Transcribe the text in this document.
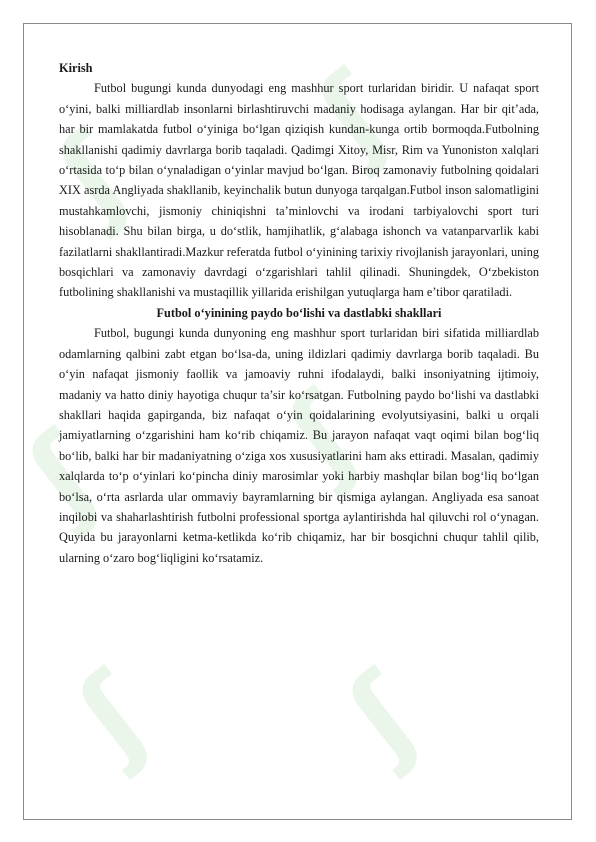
ʃ ʃ
ʃ ʃ
ʃ ʃ

Kirish

Futbol bugungi kunda dunyodagi eng mashhur sport turlaridan biridir. U nafaqat sport o‘yini, balki milliardlab insonlarni birlashtiruvchi madaniy hodisaga aylangan. Har bir qit’ada, har bir mamlakatda futbol o‘yiniga bo‘lgan qiziqish kundan-kunga ortib bormoqda.Futbolning shakllanishi qadimiy davrlarga borib taqaladi. Qadimgi Xitoy, Misr, Rim va Yunoniston xalqlari o‘rtasida to‘p bilan o‘ynaladigan o‘yinlar mavjud bo‘lgan. Biroq zamonaviy futbolning qoidalari XIX asrda Angliyada shakllanib, keyinchalik butun dunyoga tarqalgan.Futbol inson salomatligini mustahkamlovchi, jismoniy chiniqishni ta’minlovchi va irodani tarbiyalovchi sport turi hisoblanadi. Shu bilan birga, u do‘stlik, hamjihatlik, g‘alabaga ishonch va vatanparvarlik kabi fazilatlarni shakllantiradi.Mazkur referatda futbol o‘yinining tarixiy rivojlanish jarayonlari, uning bosqichlari va zamonaviy davrdagi o‘zgarishlari tahlil qilinadi. Shuningdek, O‘zbekiston futbolining shakllanishi va mustaqillik yillarida erishilgan yutuqlarga ham e’tibor qaratiladi.

Futbol o‘yinining paydo bo‘lishi va dastlabki shakllari

Futbol, bugungi kunda dunyoning eng mashhur sport turlaridan biri sifatida milliardlab odamlarning qalbini zabt etgan bo‘lsa-da, uning ildizlari qadimiy davrlarga borib taqaladi. Bu o‘yin nafaqat jismoniy faollik va jamoaviy ruhni ifodalaydi, balki insoniyatning ijtimoiy, madaniy va hatto diniy hayotiga chuqur ta’sir ko‘rsatgan. Futbolning paydo bo‘lishi va dastlabki shakllari haqida gapirganda, biz nafaqat o‘yin qoidalarining evolyutsiyasini, balki u orqali jamiyatlarning o‘zgarishini ham ko‘rib chiqamiz. Bu jarayon nafaqat vaqt oqimi bilan bog‘liq bo‘lib, balki har bir madaniyatning o‘ziga xos xususiyatlarini ham aks ettiradi. Masalan, qadimiy xalqlarda to‘p o‘yinlari ko‘pincha diniy marosimlar yoki harbiy mashqlar bilan bog‘liq bo‘lgan bo‘lsa, o‘rta asrlarda ular ommaviy bayramlarning bir qismiga aylangan. Angliyada esa sanoat inqilobi va shaharlashtirish futbolni professional sportga aylantirishda hal qiluvchi rol o‘ynagan. Quyida bu jarayonlarni ketma-ketlikda ko‘rib chiqamiz, har bir bosqichni chuqur tahlil qilib, ularning o‘zaro bog‘liqligini ko‘rsatamiz.
